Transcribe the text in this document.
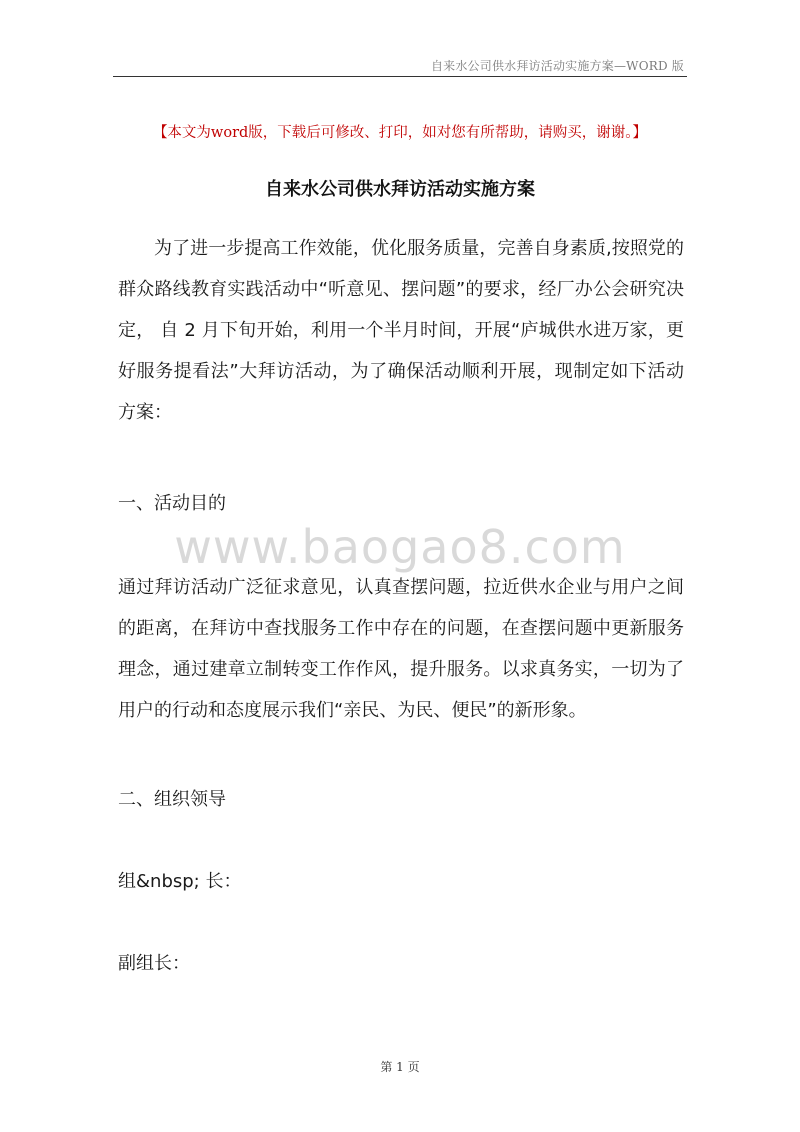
自来水公司供水拜访活动实施方案—WORD 版
【本文为word版，下载后可修改、打印，如对您有所帮助，请购买，谢谢。】
自来水公司供水拜访活动实施方案

为了进一步提高工作效能，优化服务质量，完善自身素质,按照党的群众路线教育实践活动中“听意见、摆问题”的要求，经厂办公会研究决定， 自 2 月下旬开始，利用一个半月时间，开展“庐城供水进万家，更好服务提看法”大拜访活动，为了确保活动顺利开展，现制定如下活动方案：

一、活动目的
www.baogao8.com

通过拜访活动广泛征求意见，认真查摆问题，拉近供水企业与用户之间的距离，在拜访中查找服务工作中存在的问题，在查摆问题中更新服务理念，通过建章立制转变工作作风，提升服务。以求真务实，一切为了用户的行动和态度展示我们“亲民、为民、便民”的新形象。

二、组织领导
组&nbsp; 长：
副组长：
第 1 页
